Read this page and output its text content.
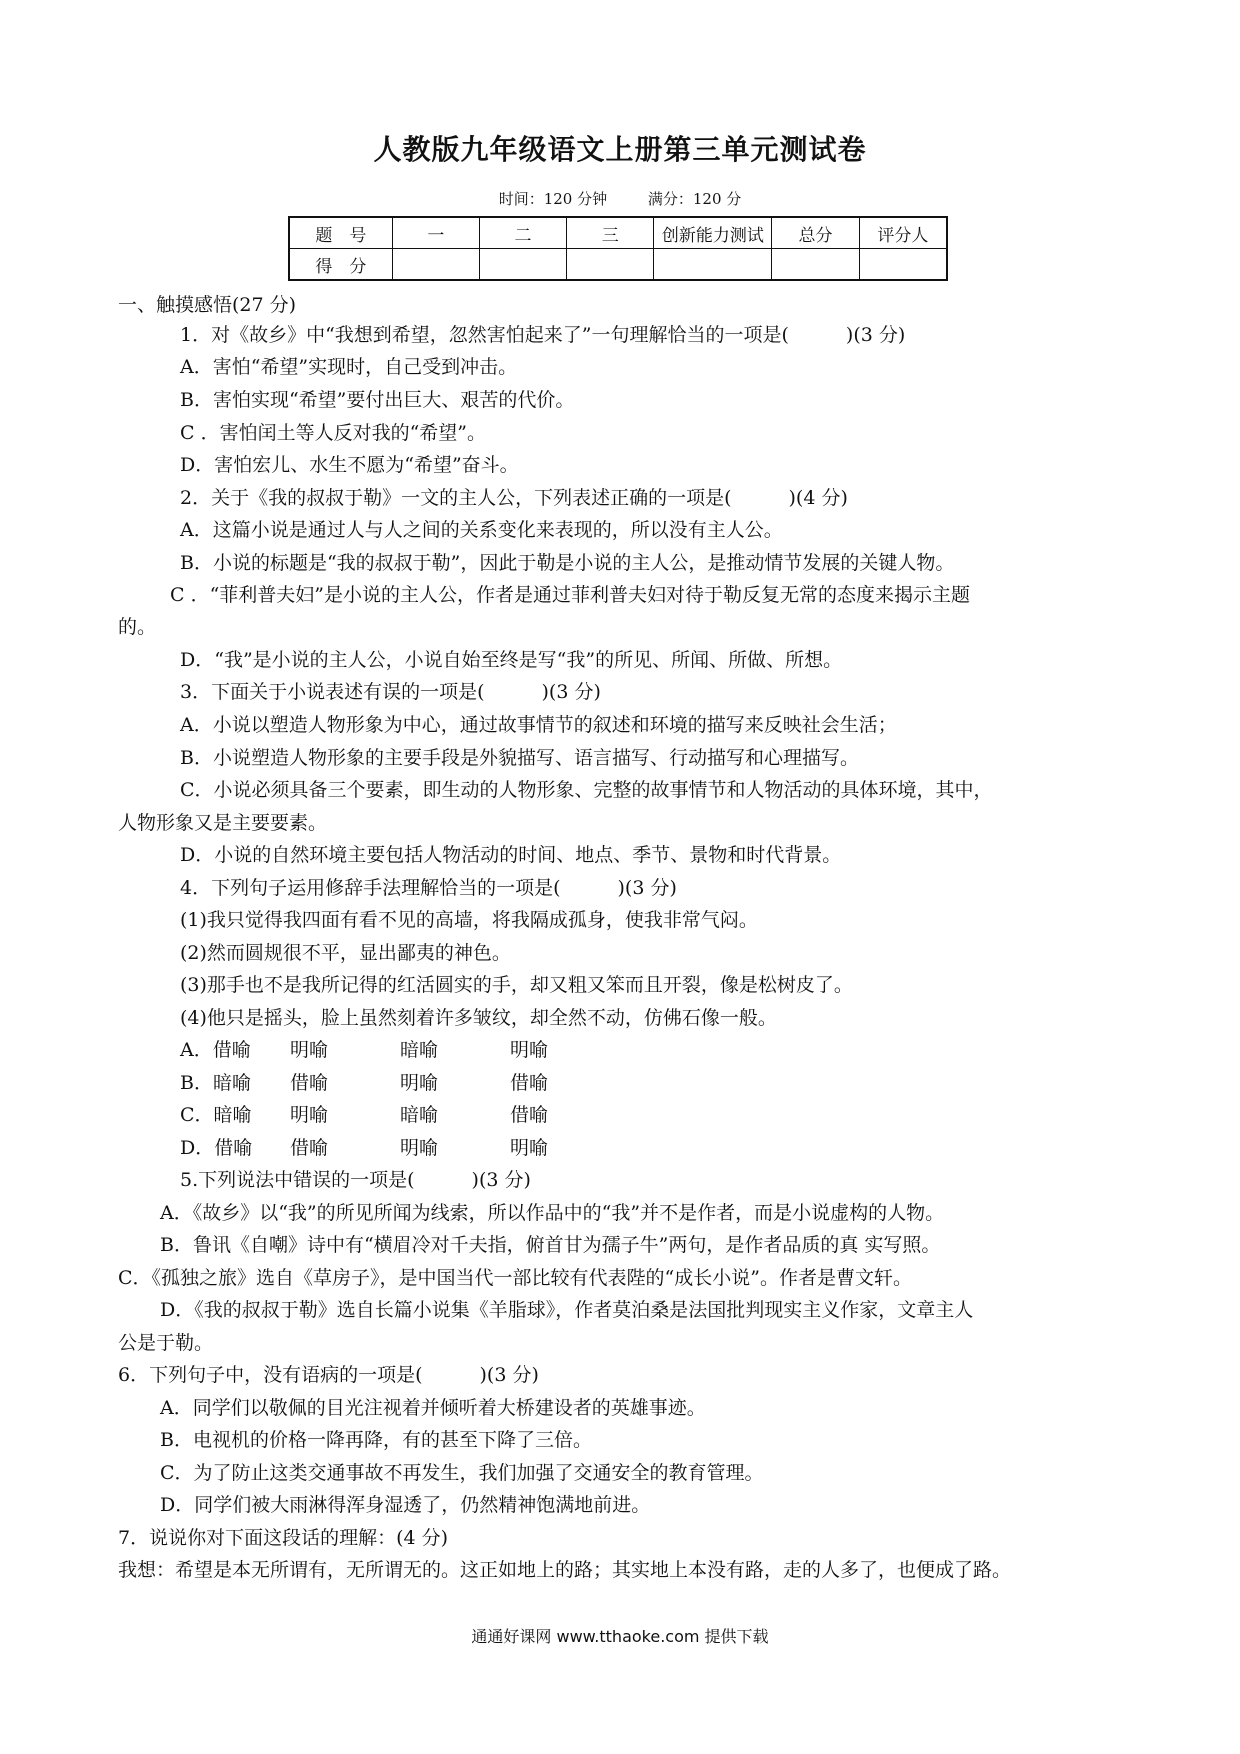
人教版九年级语文上册第三单元测试卷
时间：120 分钟	满分：120 分
题　号	一	二	三	创新能力测试	总分	评分人
得　分						
一、触摸感悟(27 分)
1．对《故乡》中“我想到希望，忽然害怕起来了”一句理解恰当的一项是(　　　)(3 分)
A．害怕“希望”实现时，自己受到冲击。
B．害怕实现“希望”要付出巨大、艰苦的代价。
C ．害怕闰土等人反对我的“希望”。
D．害怕宏儿、水生不愿为“希望”奋斗。
2．关于《我的叔叔于勒》一文的主人公，下列表述正确的一项是(　　　)(4 分)
A．这篇小说是通过人与人之间的关系变化来表现的，所以没有主人公。
B．小说的标题是“我的叔叔于勒”，因此于勒是小说的主人公，是推动情节发展的关键人物。
C ．“菲利普夫妇”是小说的主人公，作者是通过菲利普夫妇对待于勒反复无常的态度来揭示主题
的。
D．“我”是小说的主人公，小说自始至终是写“我”的所见、所闻、所做、所想。
3．下面关于小说表述有误的一项是(　　　)(3 分)
A．小说以塑造人物形象为中心，通过故事情节的叙述和环境的描写来反映社会生活；
B．小说塑造人物形象的主要手段是外貌描写、语言描写、行动描写和心理描写。
C．小说必须具备三个要素，即生动的人物形象、完整的故事情节和人物活动的具体环境，其中，
人物形象又是主要要素。
D．小说的自然环境主要包括人物活动的时间、地点、季节、景物和时代背景。
4．下列句子运用修辞手法理解恰当的一项是(　　　)(3 分)
(1)我只觉得我四面有看不见的高墙，将我隔成孤身，使我非常气闷。
(2)然而圆规很不平，显出鄙夷的神色。
(3)那手也不是我所记得的红活圆实的手，却又粗又笨而且开裂，像是松树皮了。
(4)他只是摇头，脸上虽然刻着许多皱纹，却全然不动，仿佛石像一般。
A．借喻 明喻	暗喻	明喻
B．暗喻 借喻	明喻	借喻
C．暗喻 明喻	暗喻	借喻
D．借喻 借喻	明喻	明喻
5.下列说法中错误的一项是(　　　)(3 分)
A．《故乡》以“我”的所见所闻为线索，所以作品中的“我”并不是作者，而是小说虚构的人物。
B．鲁讯《自嘲》诗中有“横眉冷对千夫指，俯首甘为孺子牛”两句，是作者品质的真 实写照。
C．《孤独之旅》选自《草房子》，是中国当代一部比较有代表陛的“成长小说”。作者是曹文轩。
D．《我的叔叔于勒》选自长篇小说集《羊脂球》，作者莫泊桑是法国批判现实主义作家，文章主人
公是于勒。
6．下列句子中，没有语病的一项是(　　　)(3 分)
A．同学们以敬佩的目光注视着并倾听着大桥建设者的英雄事迹。
B．电视机的价格一降再降，有的甚至下降了三倍。
C．为了防止这类交通事故不再发生，我们加强了交通安全的教育管理。
D．同学们被大雨淋得浑身湿透了，仍然精神饱满地前进。
7．说说你对下面这段话的理解：(4 分)
我想：希望是本无所谓有，无所谓无的。这正如地上的路；其实地上本没有路，走的人多了，也便成了路。
通通好课网 www.tthaoke.com 提供下载
